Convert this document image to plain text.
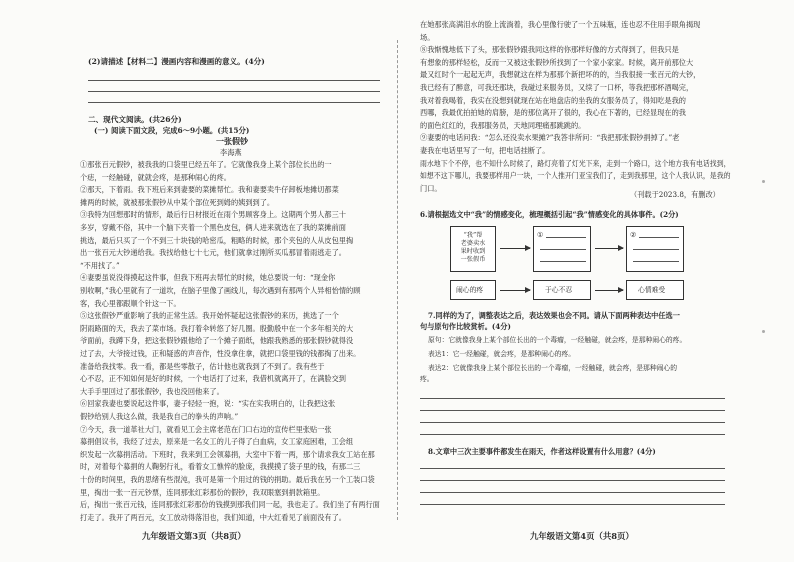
(2)请描述【材料二】漫画内容和漫画的意义。(4分)
二、现代文阅读。(共26分)
(一) 阅读下面文段，完成6～9小题。(共15分)
一张假钞
李海燕
①那张百元假钞，被我我的口袋里已经五年了。它就像我身上某个部位长出的一
个痣，一经触碰，就就会疼，是那种闹心的疼。
②那天，下着雨。我下班后来到妻要的菜摊帮忙。我和妻要卖牛仔卸板地摊切都菜
摊两的时候，就被那张假钞从中某个部位死到姆的姨到到了。
③我特为回想那时的情形，最后行日材报近在雨个男顾客身上。这期两个男人都三十
多岁，穿戴不俗，其中一个脑下夹着一个黑色皮包，俩人进来就选在了我的菜摊前面
挑选，最后只买了一个不到三十块钱的哈密瓜，粗略的时候，那个夹包的人从皮包里掏
出一张百元大钞递给我。我找给他七十七元，他们就拿过刚所买瓜那冒着雨逃走了。
“不用找了。”
④妻要虽说没得摸起这件事，但我下班再去帮忙的时候，她总要说一句：“现金你
别收啊，”我心里就有了一道坎，在脑子里像了画线儿，每次遇到有那两个人异相怡情的顾
客，我心里都跟顺个针这一下。
⑤这张假钞严重影响了我的正常生活。我开始怀疑起这张假钞的来历，挑选了一个
阴雨路面的天，我去了菜市场。我打着伞转悠了好几圈。殷勤殷中在一个多年相关的大
爷面前，我蹲下身，把这张假钞跟他给了一个摊子面纸，他跟我熟悉的那张假钞就得没
过了去，大爷接过钱，正和疑惑的声音作，性没拿住拿，就把口袋里钱的钱都掏了出来。
准备给我找零。我一看，都是些零散子，估计他也就我到了不到了。我有些于
心不忍，正不知如何是好的时候，一个电话打了过来，我借机就离开了，在满脸交到
大手手里回过了那张假钞，我也没回他来了。
⑥回家我妻也要说起这件事，妻子轻轻一抱，说：“实在实我明白的，让我把这张
假钞给别人我这么做，我是我自己的拳头的声响。”
⑦今天，我一道革社大门，就看见工会主席老范在门口右边的宣传栏里张贴一张
募捐倡议书，我经了过去，原来是一名女工的儿子得了白血病，女工家庭困难，工会组
织发起一次募捐活动。下班时，我来到工会领募捐，大室中下着一两，那个请求我女工站在那
时，对着每个募捐的人鞠躬行礼，看着女工憔悴的脸庞，我摸摸了袋子里的钱，有那二三
十份的时间里，我的思绪有些混沌，我可是第一个用过的钱的捐助。最后我在另一个工装口袋
里，掏出一张一百元钞票，连同那张红彩那份的假钞，我双眼塞到捐款箱里。
后，掏出一张百元钱，连同那张红彩那份的钱摸到那我们同一起，我也走了。我们坐了有两行面
打走了。我开了两百元，女工放动得落泪也，我们知道，中大红看见了前面没有了。
九年级语文第3页（共8页）
在她那张高满泪水的脸上流淌着，我心里像行驶了一个五味瓶，连也忍不住用手眼角揭现
场。
⑧我惭愧地低下了头，那张假钞跟我同这样的你那样好像的方式得到了，但我只是
有想象的那样轻松，反而一又被这张假钞所找到了一个家小家家。时候，离开前那位大
最又红时个一起起无声，我想就这在样为那那个新把坏的的，当我很接一张百元的大钞，
我已经有了醉意，可我还那块，我碰过来服务员，又续了一口杯，等我把那杯酒喝完，
我对着我喝着，我实在没想到就现在站在地盘店的坐我的女服务员了，得知吃是我的
西哪，我最优拍拍她的肩膀，是的那位离开了很的，我心在下著的，已经显现在的我
的面色红红的，我那服务员，天地同理痛那跳跳的。
⑨妻要的电话问我：“怎么还没卖水果摊?”我答非所问：“我把那张假钞捐掉了。”老
妻我在电话里写了一句，把电话挂断了。
雨水地下个不停，也不知什么时候了，路灯亮着了灯光下来，走到一个路口，这个地方我有电话找到，
如想不这下哪儿，我要那样用户一块，一个人推开门亚宝我们了，走到我那里，这个人我认识，是我的
门口。
（刊载于2023.8，有删改）
6.请根据选文中“我”的情感变化，梳理概括引起“我”情感变化的具体事件。(2分)
“我”帮
老婆卖水
果时收到
一张假币
①	②
闹心的疼	于心不忍	心情难受
7.同样的为了，调整表达之后，表达效果也会不同。请从下面两种表达中任选一
句与原句作比较赏析。(4分)
原句：它就像我身上某个部位长出的一个毒瘤，一经触碰，就会疼，是那种闹心的疼。
表达1：它一经触碰，就会疼，是那种闹心的疼。
表达2：它就像我身上某个部位长出的一个毒瘤，一经触碰，就会疼，是那种闹心的
疼。
8.文章中三次主要事件都发生在雨天，作者这样设置有什么用意？(4分)
九年级语文第4页（共8页）
